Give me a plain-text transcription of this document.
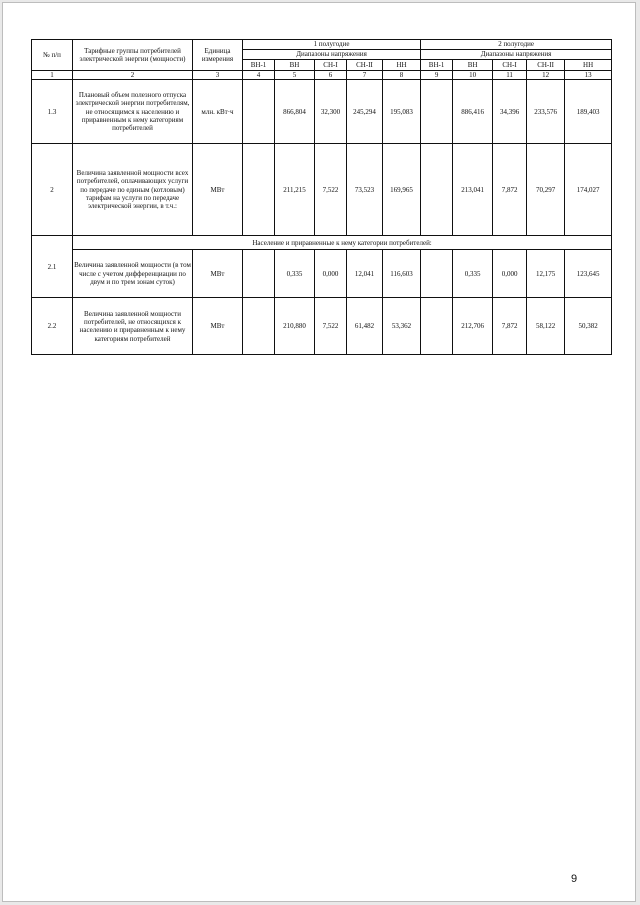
№ п/п	Тарифные группы потребителей электрической энергии (мощности)	Единица измерения	1 полугодие					2 полугодие				
			Диапазоны напряжения					Диапазоны напряжения				
			ВН-1	ВН	СН-I	СН-II	НН	ВН-1	ВН	СН-I	СН-II	НН
1	2	3	4	5	6	7	8	9	10	11	12	13
1.3	Плановый объем полезного отпуска электрической энергии потребителям, не относящимся к населению и приравненным к нему категориям потребителей	млн. кВт·ч		866,804	32,300	245,294	195,083		886,416	34,396	233,576	189,403
2	Величина заявленной мощности всех потребителей, оплачивающих услуги по передаче по единым (котловым) тарифам на услуги по передаче электрической энергии, в т.ч.:	МВт		211,215	7,522	73,523	169,965		213,041	7,872	70,297	174,027
2.1	Население и приравненные к нему категории потребителей:											
	Величина заявленной мощности (в том числе с учетом дифференциации по двум и по трем зонам суток)	МВт		0,335	0,000	12,041	116,603		0,335	0,000	12,175	123,645
2.2	Величина заявленной мощности потребителей, не относящихся к населению и приравненным к нему категориям потребителей	МВт		210,880	7,522	61,482	53,362		212,706	7,872	58,122	50,382
9
